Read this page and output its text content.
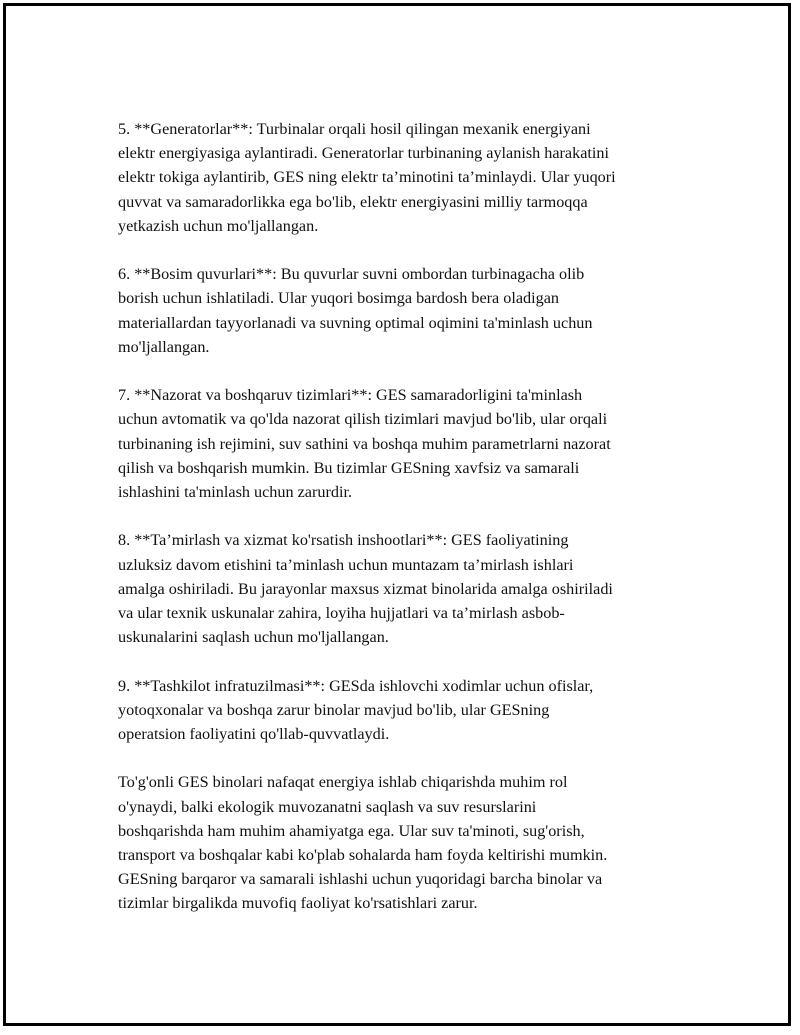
5. **Generatorlar**: Turbinalar orqali hosil qilingan mexanik energiyani
elektr energiyasiga aylantiradi. Generatorlar turbinaning aylanish harakatini
elektr tokiga aylantirib, GES ning elektr ta’minotini ta’minlaydi. Ular yuqori
quvvat va samaradorlikka ega bo'lib, elektr energiyasini milliy tarmoqqa
yetkazish uchun mo'ljallangan.

6. **Bosim quvurlari**: Bu quvurlar suvni ombordan turbinagacha olib
borish uchun ishlatiladi. Ular yuqori bosimga bardosh bera oladigan
materiallardan tayyorlanadi va suvning optimal oqimini ta'minlash uchun
mo'ljallangan.

7. **Nazorat va boshqaruv tizimlari**: GES samaradorligini ta'minlash
uchun avtomatik va qo'lda nazorat qilish tizimlari mavjud bo'lib, ular orqali
turbinaning ish rejimini, suv sathini va boshqa muhim parametrlarni nazorat
qilish va boshqarish mumkin. Bu tizimlar GESning xavfsiz va samarali
ishlashini ta'minlash uchun zarurdir.

8. **Ta’mirlash va xizmat ko'rsatish inshootlari**: GES faoliyatining
uzluksiz davom etishini ta’minlash uchun muntazam ta’mirlash ishlari
amalga oshiriladi. Bu jarayonlar maxsus xizmat binolarida amalga oshiriladi
va ular texnik uskunalar zahira, loyiha hujjatlari va ta’mirlash asbob-
uskunalarini saqlash uchun mo'ljallangan.

9. **Tashkilot infratuzilmasi**: GESda ishlovchi xodimlar uchun ofislar,
yotoqxonalar va boshqa zarur binolar mavjud bo'lib, ular GESning
operatsion faoliyatini qo'llab-quvvatlaydi.

To'g'onli GES binolari nafaqat energiya ishlab chiqarishda muhim rol
o'ynaydi, balki ekologik muvozanatni saqlash va suv resurslarini
boshqarishda ham muhim ahamiyatga ega. Ular suv ta'minoti, sug'orish,
transport va boshqalar kabi ko'plab sohalarda ham foyda keltirishi mumkin.
GESning barqaror va samarali ishlashi uchun yuqoridagi barcha binolar va
tizimlar birgalikda muvofiq faoliyat ko'rsatishlari zarur.
